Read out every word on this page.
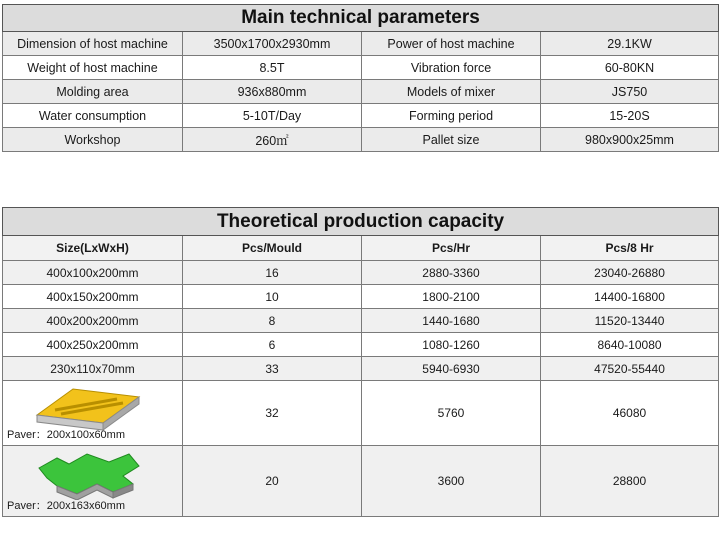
Main technical parameters			
Dimension of host machine	3500x1700x2930mm	Power of host machine	29.1KW
Weight of host machine	8.5T	Vibration force	60-80KN
Molding area	936x880mm	Models of mixer	JS750
Water consumption	5-10T/Day	Forming period	15-20S
Workshop	260㎡	Pallet size	980x900x25mm
Theoretical production capacity			
Size(LxWxH)	Pcs/Mould	Pcs/Hr	Pcs/8 Hr
400x100x200mm	16	2880-3360	23040-26880
400x150x200mm	10	1800-2100	14400-16800
400x200x200mm	8	1440-1680	11520-13440
400x250x200mm	6	1080-1260	8640-10080
230x110x70mm	33	5940-6930	47520-55440

Paver：200x100x60mm	32	5760	46080

Paver：200x163x60mm	20	3600	28800
